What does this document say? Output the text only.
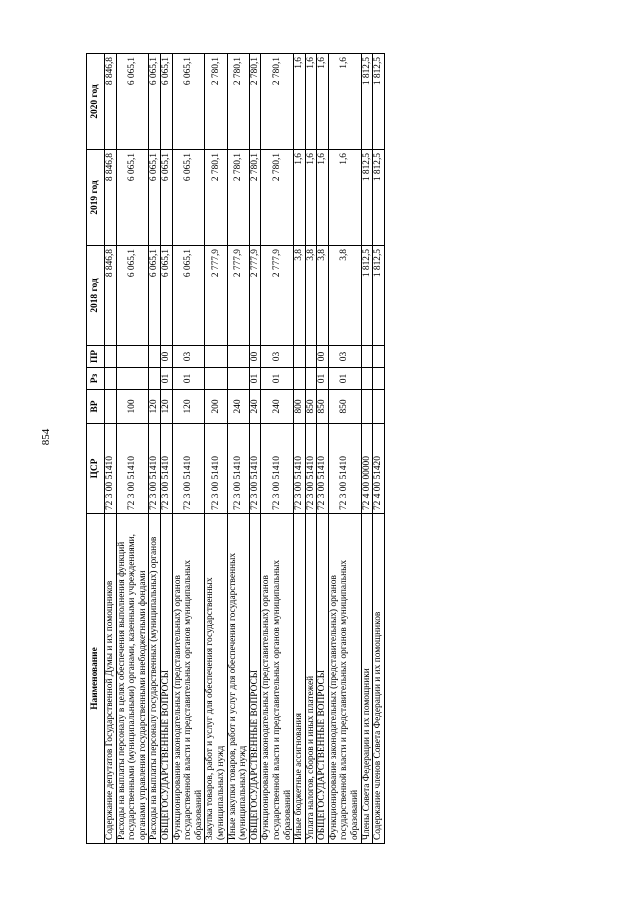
854
Наименование	ЦСР	ВР	Рз	ПР	2018 год	2019 год	2020 год
Содержание депутатов Государственной Думы и их помощников	72 3 00 51410				8 846,8	8 846,8	8 846,8
Расходы на выплаты персоналу в целях обеспечения выполнения функций государственными (муниципальными) органами, казенными учреждениями, органами управления государственными внебюджетными фондами	72 3 00 51410	100			6 065,1	6 065,1	6 065,1
Расходы на выплаты персоналу государственных (муниципальных) органов	72 3 00 51410	120			6 065,1	6 065,1	6 065,1
ОБЩЕГОСУДАРСТВЕННЫЕ ВОПРОСЫ	72 3 00 51410	120	01	00	6 065,1	6 065,1	6 065,1
Функционирование законодательных (представительных) органов государственной власти и представительных органов муниципальных образований	72 3 00 51410	120	01	03	6 065,1	6 065,1	6 065,1
Закупка товаров, работ и услуг для обеспечения государственных (муниципальных) нужд	72 3 00 51410	200			2 777,9	2 780,1	2 780,1
Иные закупки товаров, работ и услуг для обеспечения государственных (муниципальных) нужд	72 3 00 51410	240			2 777,9	2 780,1	2 780,1
ОБЩЕГОСУДАРСТВЕННЫЕ ВОПРОСЫ	72 3 00 51410	240	01	00	2 777,9	2 780,1	2 780,1
Функционирование законодательных (представительных) органов государственной власти и представительных органов муниципальных образований	72 3 00 51410	240	01	03	2 777,9	2 780,1	2 780,1
Иные бюджетные ассигнования	72 3 00 51410	800			3,8	1,6	1,6
Уплата налогов, сборов и иных платежей	72 3 00 51410	850			3,8	1,6	1,6
ОБЩЕГОСУДАРСТВЕННЫЕ ВОПРОСЫ	72 3 00 51410	850	01	00	3,8	1,6	1,6
Функционирование законодательных (представительных) органов государственной власти и представительных органов муниципальных образований	72 3 00 51410	850	01	03	3,8	1,6	1,6
Члены Совета Федерации и их помощники	72 4 00 00000				1 812,5	1 812,5	1 812,5
Содержание членов Совета Федерации и их помощников	72 4 00 51420				1 812,5	1 812,5	1 812,5
